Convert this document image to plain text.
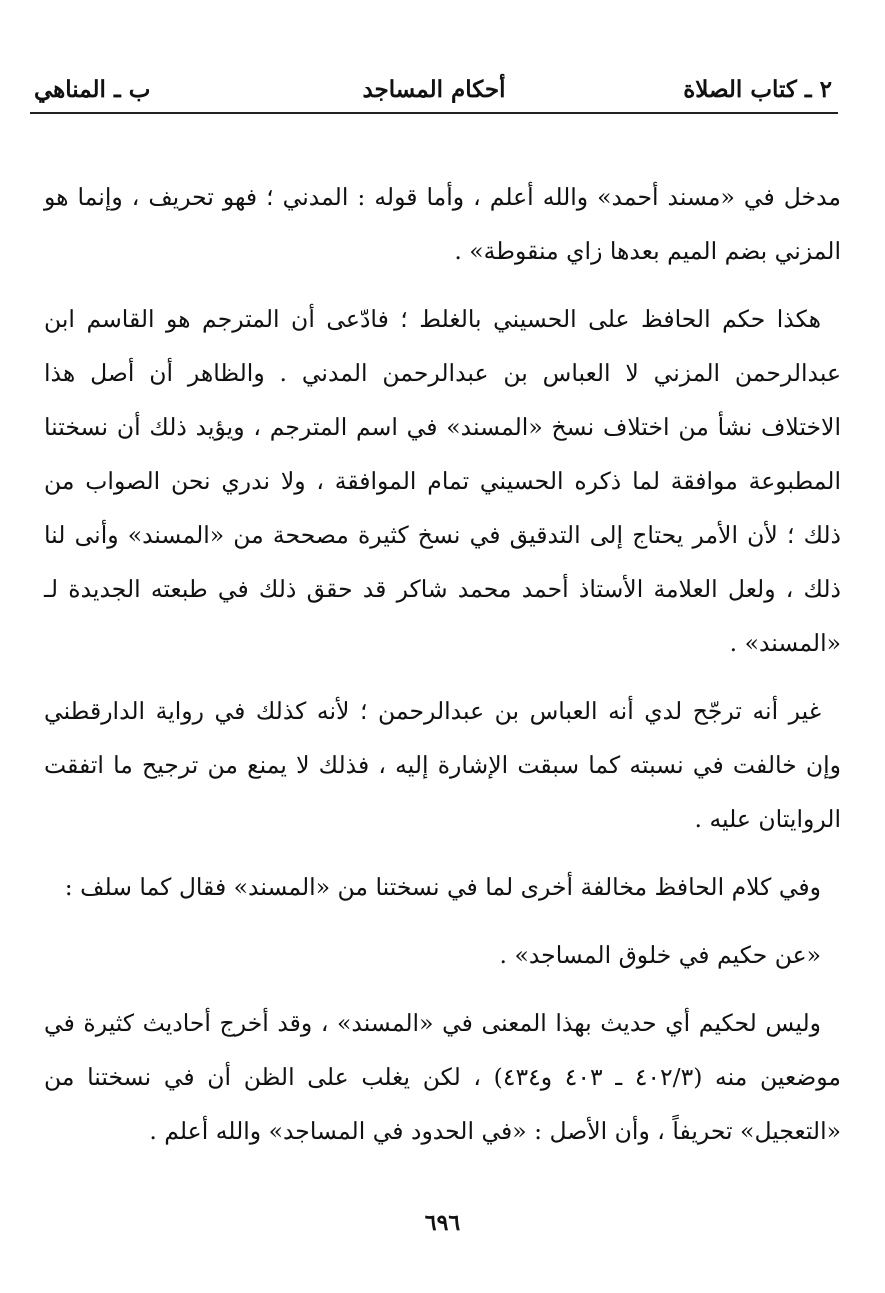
٢ ـ كتاب الصلاة
أحكام المساجد
ب ـ المناهي

مدخل في «مسند أحمد» والله أعلم ، وأما قوله : المدني ؛ فهو تحريف ، وإنما هو المزني بضم الميم بعدها زاي منقوطة» .

هكذا حكم الحافظ على الحسيني بالغلط ؛ فادّعى أن المترجم هو القاسم ابن عبدالرحمن المزني لا العباس بن عبدالرحمن المدني . والظاهر أن أصل هذا الاختلاف نشأ من اختلاف نسخ «المسند» في اسم المترجم ، ويؤيد ذلك أن نسختنا المطبوعة موافقة لما ذكره الحسيني تمام الموافقة ، ولا ندري نحن الصواب من ذلك ؛ لأن الأمر يحتاج إلى التدقيق في نسخ كثيرة مصححة من «المسند» وأنى لنا ذلك ، ولعل العلامة الأستاذ أحمد محمد شاكر قد حقق ذلك في طبعته الجديدة لـ «المسند» .

غير أنه ترجّح لدي أنه العباس بن عبدالرحمن ؛ لأنه كذلك في رواية الدارقطني وإن خالفت في نسبته كما سبقت الإشارة إليه ، فذلك لا يمنع من ترجيح ما اتفقت الروايتان عليه .

وفي كلام الحافظ مخالفة أخرى لما في نسختنا من «المسند» فقال كما سلف :

«عن حكيم في خلوق المساجد» .

وليس لحكيم أي حديث بهذا المعنى في «المسند» ، وقد أخرج أحاديث كثيرة في موضعين منه (٤٠٢/٣ ـ ٤٠٣ و٤٣٤) ، لكن يغلب على الظن أن في نسختنا من «التعجيل» تحريفاً ، وأن الأصل : «في الحدود في المساجد» والله أعلم .

٦٩٦
